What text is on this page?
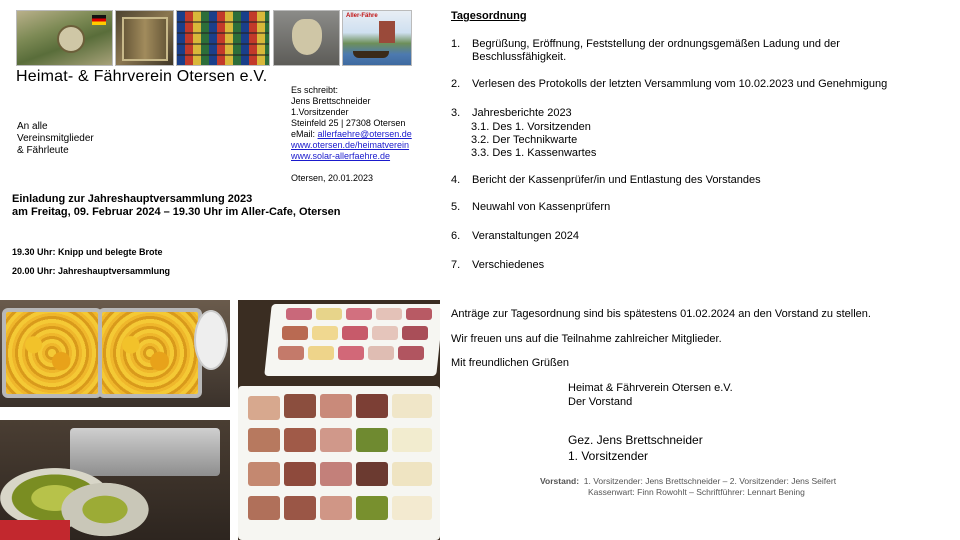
Aller-Fähre
Heimat- & Fährverein Otersen e.V.
Es schreibt:
Jens Brettschneider
1.Vorsitzender
Steinfeld 25 | 27308 Otersen
eMail: allerfaehre@otersen.de
www.otersen.de/heimatverein
www.solar-allerfaehre.de
Otersen, 20.01.2023
An alle
Vereinsmitglieder
& Fährleute
Einladung zur Jahreshauptversammlung 2023
am Freitag, 09. Februar 2024 – 19.30 Uhr im Aller-Cafe, Otersen
19.30 Uhr: Knipp und belegte Brote
20.00 Uhr: Jahreshauptversammlung
Tagesordnung
1. Begrüßung, Eröffnung, Feststellung der ordnungsgemäßen Ladung und der
Beschlussfähigkeit.
2. Verlesen des Protokolls der letzten Versammlung vom 10.02.2023 und Genehmigung
3. Jahresberichte 2023
3.1. Des 1. Vorsitzenden
3.2. Der Technikwarte
3.3. Des 1. Kassenwartes
4. Bericht der Kassenprüfer/in und Entlastung des Vorstandes
5. Neuwahl von Kassenprüfern
6. Veranstaltungen 2024
7. Verschiedenes
Anträge zur Tagesordnung sind bis spätestens 01.02.2024 an den Vorstand zu stellen.
Wir freuen uns auf die Teilnahme zahlreicher Mitglieder.
Mit freundlichen Grüßen
Heimat & Fährverein Otersen e.V.
Der Vorstand
Gez. Jens Brettschneider
1. Vorsitzender
Vorstand: 1. Vorsitzender: Jens Brettschneider – 2. Vorsitzender: Jens Seifert
Kassenwart: Finn Rowohlt – Schriftführer: Lennart Bening
